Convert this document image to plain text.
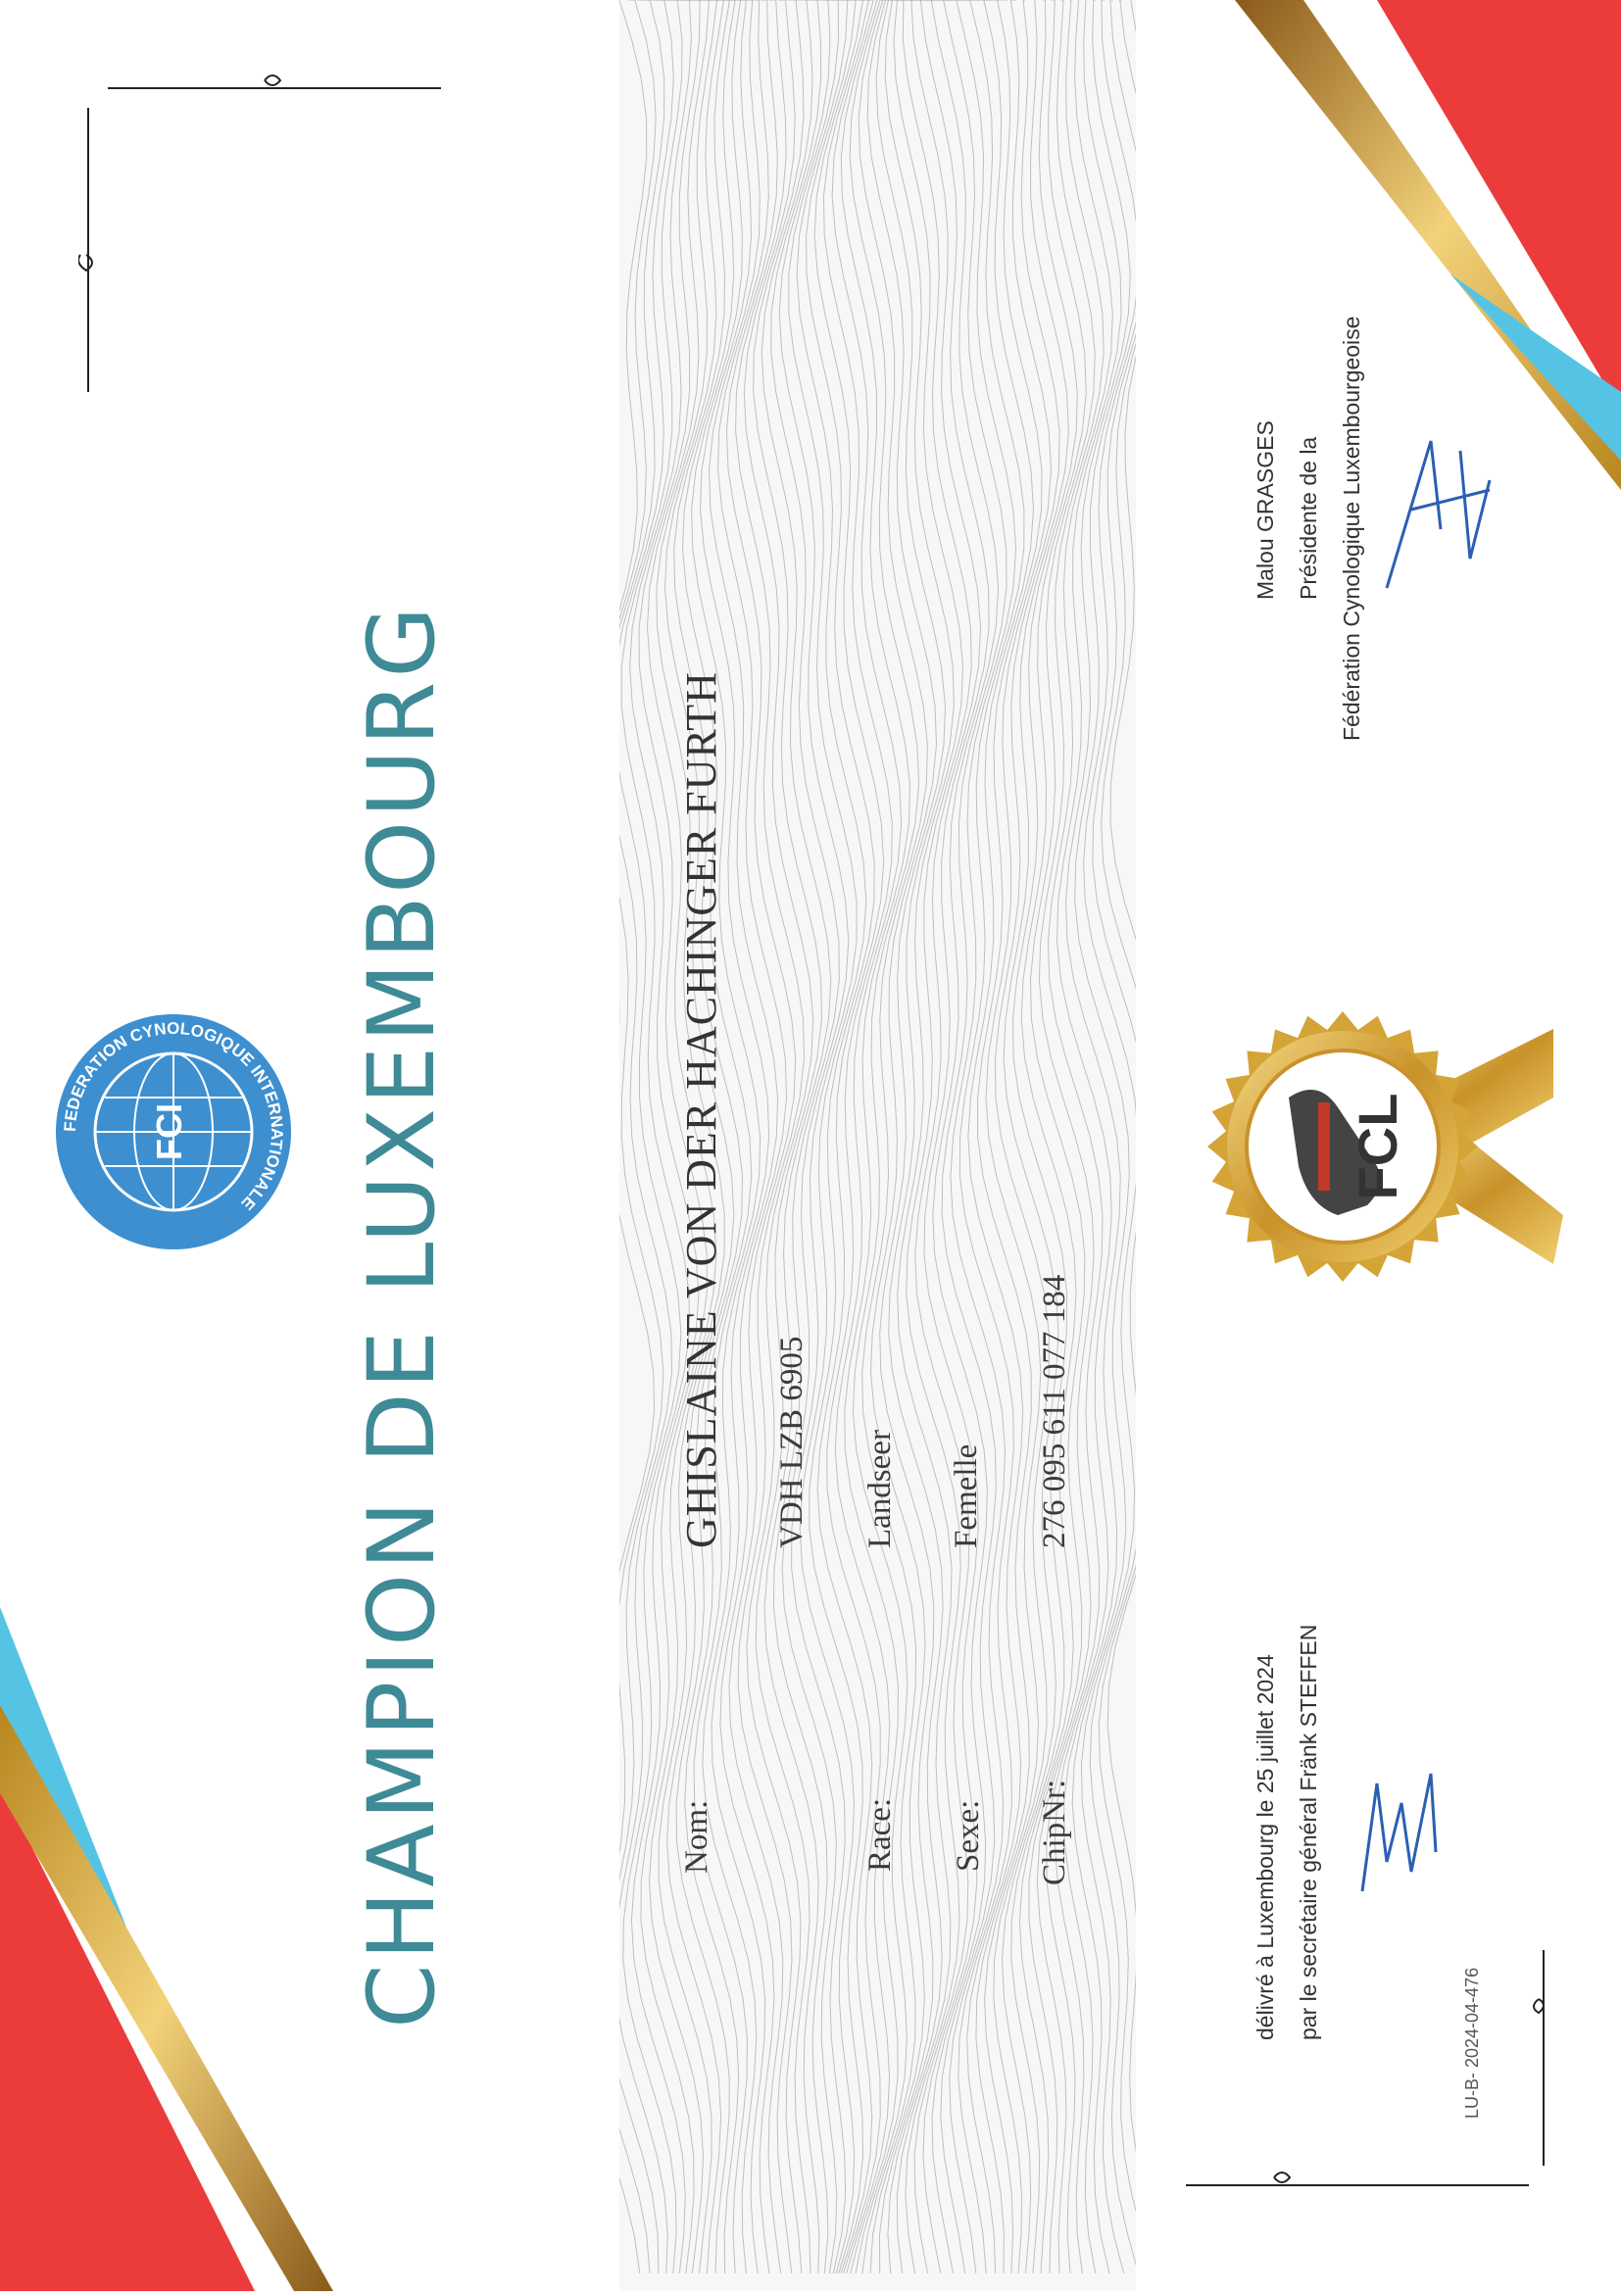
CHAMPION DE LUXEMBOURG
FEDERATION CYNOLOGIQUE INTERNATIONALE
FCI	GHISLAINE VON DER HACHINGER FURTH
Nom:
VDH LZB 6905
Race:
Landseer
Sexe:
Femelle
ChipNr:
276 095 611 077 184
FCL
délivré à Luxembourg le 25 juillet 2024 par le secrétaire général Fränk STEFFEN
LU-B- 2024-04-476
Malou GRASGES Présidente de la Fédération Cynologique Luxembourgeoise
